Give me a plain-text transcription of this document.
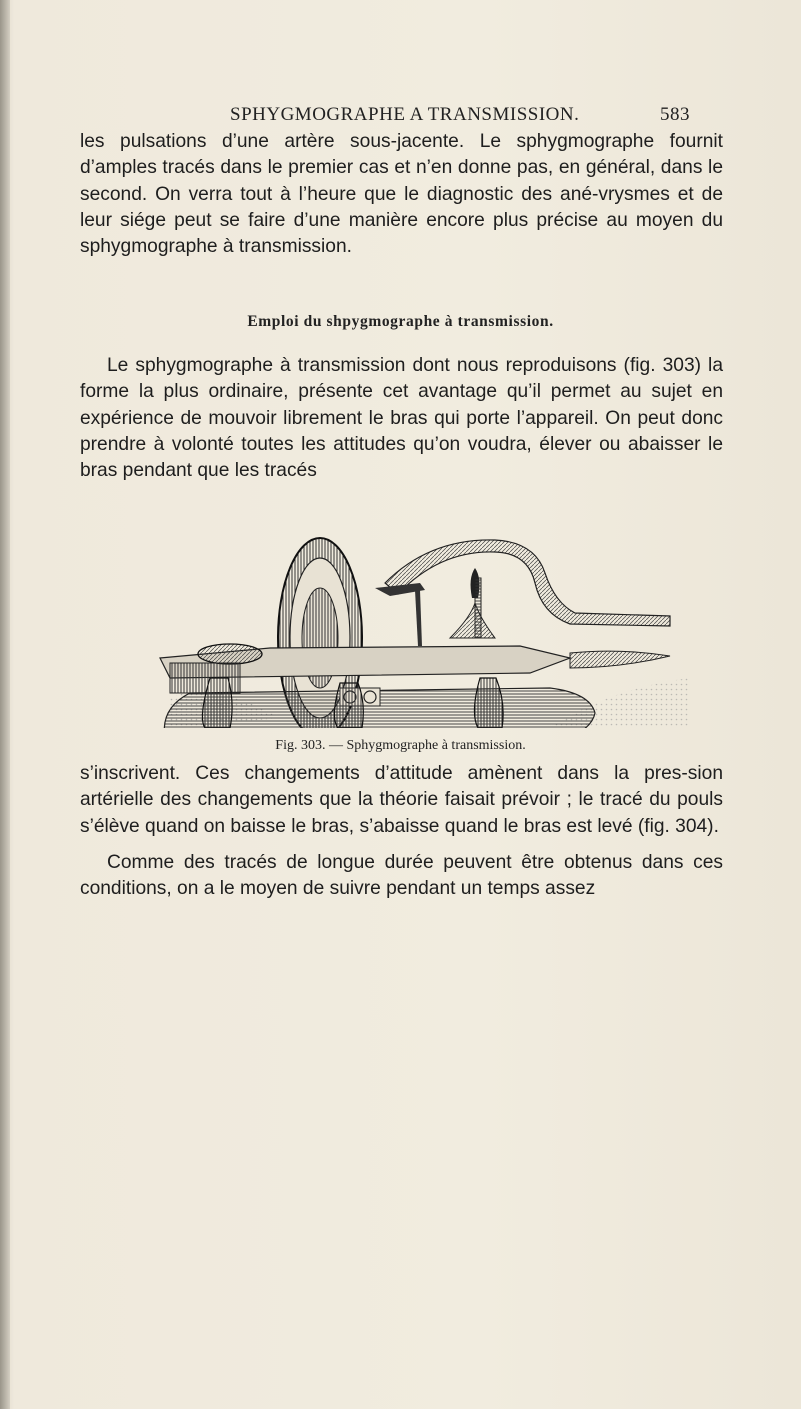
SPHYGMOGRAPHE A TRANSMISSION.	583
les pulsations d’une artère sous-jacente. Le sphygmographe fournit d’amples tracés dans le premier cas et n’en donne pas, en général, dans le second. On verra tout à l’heure que le diagnostic des ané-vrysmes et de leur siége peut se faire d’une manière encore plus précise au moyen du sphygmographe à transmission.
Emploi du shpygmographe à transmission.
Le sphygmographe à transmission dont nous reproduisons (fig. 303) la forme la plus ordinaire, présente cet avantage qu’il permet au sujet en expérience de mouvoir librement le bras qui porte l’appareil. On peut donc prendre à volonté toutes les attitudes qu’on voudra, élever ou abaisser le bras pendant que les tracés
Fig. 303. — Sphygmographe à transmission.
s’inscrivent. Ces changements d’attitude amènent dans la pres-sion artérielle des changements que la théorie faisait prévoir ; le tracé du pouls s’élève quand on baisse le bras, s’abaisse quand le bras est levé (fig. 304).
Comme des tracés de longue durée peuvent être obtenus dans ces conditions, on a le moyen de suivre pendant un temps assez
